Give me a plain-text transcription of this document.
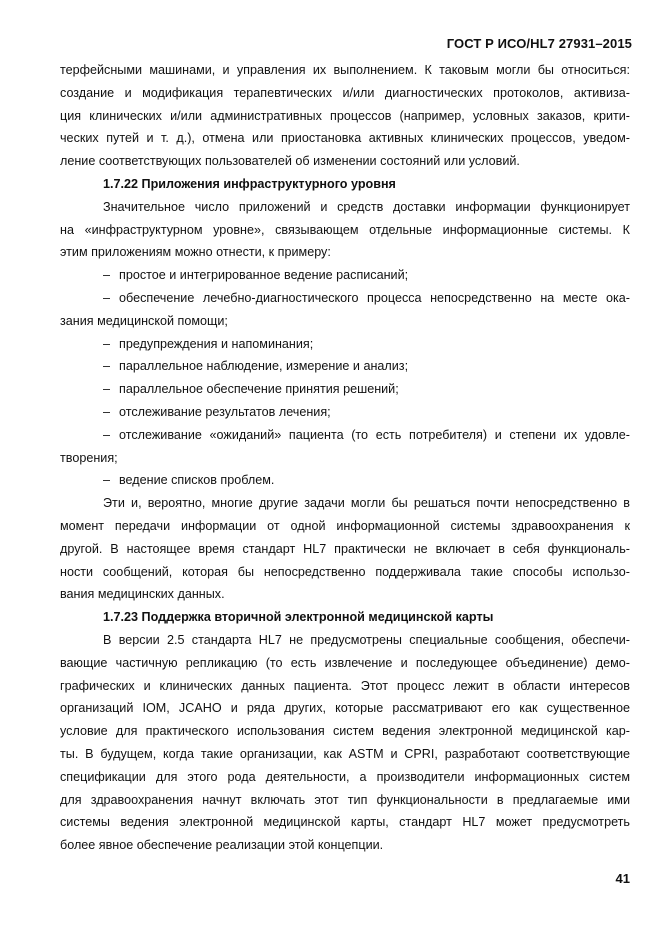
ГОСТ Р ИСО/HL7 27931–2015
терфейсными машинами, и управления их выполнением. К таковым могли бы относиться:
создание и модификация терапевтических и/или диагностических протоколов, активиза-
ция клинических и/или административных процессов (например, условных заказов, крити-
ческих путей и т. д.), отмена или приостановка активных клинических процессов, уведом-
ление соответствующих пользователей об изменении состояний или условий.
1.7.22 Приложения инфраструктурного уровня
Значительное число приложений и средств доставки информации функционирует
на «инфраструктурном уровне», связывающем отдельные информационные системы. К
этим приложениям можно отнести, к примеру:
– простое и интегрированное ведение расписаний;
– обеспечение лечебно-диагностического процесса непосредственно на месте ока-
зания медицинской помощи;
– предупреждения и напоминания;
– параллельное наблюдение, измерение и анализ;
– параллельное обеспечение принятия решений;
– отслеживание результатов лечения;
– отслеживание «ожиданий» пациента (то есть потребителя) и степени их удовле-
творения;
– ведение списков проблем.
Эти и, вероятно, многие другие задачи могли бы решаться почти непосредственно в
момент передачи информации от одной информационной системы здравоохранения к
другой. В настоящее время стандарт HL7 практически не включает в себя функциональ-
ности сообщений, которая бы непосредственно поддерживала такие способы использо-
вания медицинских данных.
1.7.23 Поддержка вторичной электронной медицинской карты
В версии 2.5 стандарта HL7 не предусмотрены специальные сообщения, обеспечи-
вающие частичную репликацию (то есть извлечение и последующее объединение) демо-
графических и клинических данных пациента. Этот процесс лежит в области интересов
организаций IOM, JCAHO и ряда других, которые рассматривают его как существенное
условие для практического использования систем ведения электронной медицинской кар-
ты. В будущем, когда такие организации, как ASTM и CPRI, разработают соответствующие
спецификации для этого рода деятельности, а производители информационных систем
для здравоохранения начнут включать этот тип функциональности в предлагаемые ими
системы ведения электронной медицинской карты, стандарт HL7 может предусмотреть
более явное обеспечение реализации этой концепции.
41
